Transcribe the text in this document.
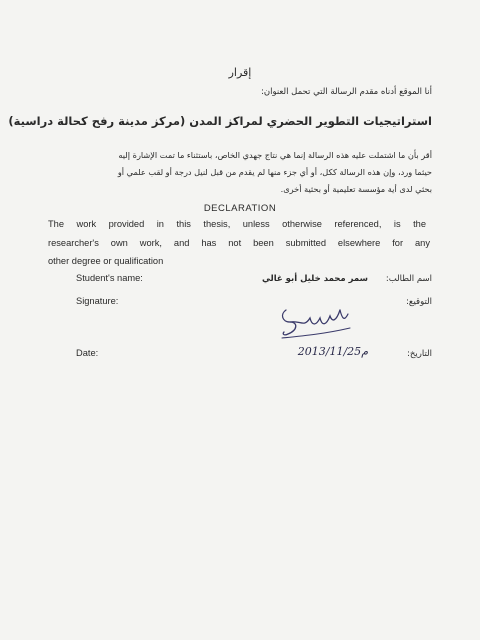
إقرار
أنا الموقع أدناه مقدم الرسالة التي تحمل العنوان:
استراتيجيات التطوير الحضري لمراكز المدن (مركز مدينة رفح كحالة دراسية)
أقر بأن ما اشتملت عليه هذه الرسالة إنما هي نتاج جهدي الخاص، باستثناء ما تمت الإشارة إليه
حيثما ورد، وإن هذه الرسالة ككل، أو أي جزء منها لم يقدم من قبل لنيل درجة أو لقب علمي أو
بحثي لدى أية مؤسسة تعليمية أو بحثية أخرى.
DECLARATION
The work provided in this thesis, unless otherwise referenced, is the
researcher's own work, and has not been submitted elsewhere for any
other degree or qualification
Student's name:	سمر محمد خليل أبو غالي اسم الطالب:
Signature:	التوقيع:
Date:	2013/11/25م	التاريخ:
